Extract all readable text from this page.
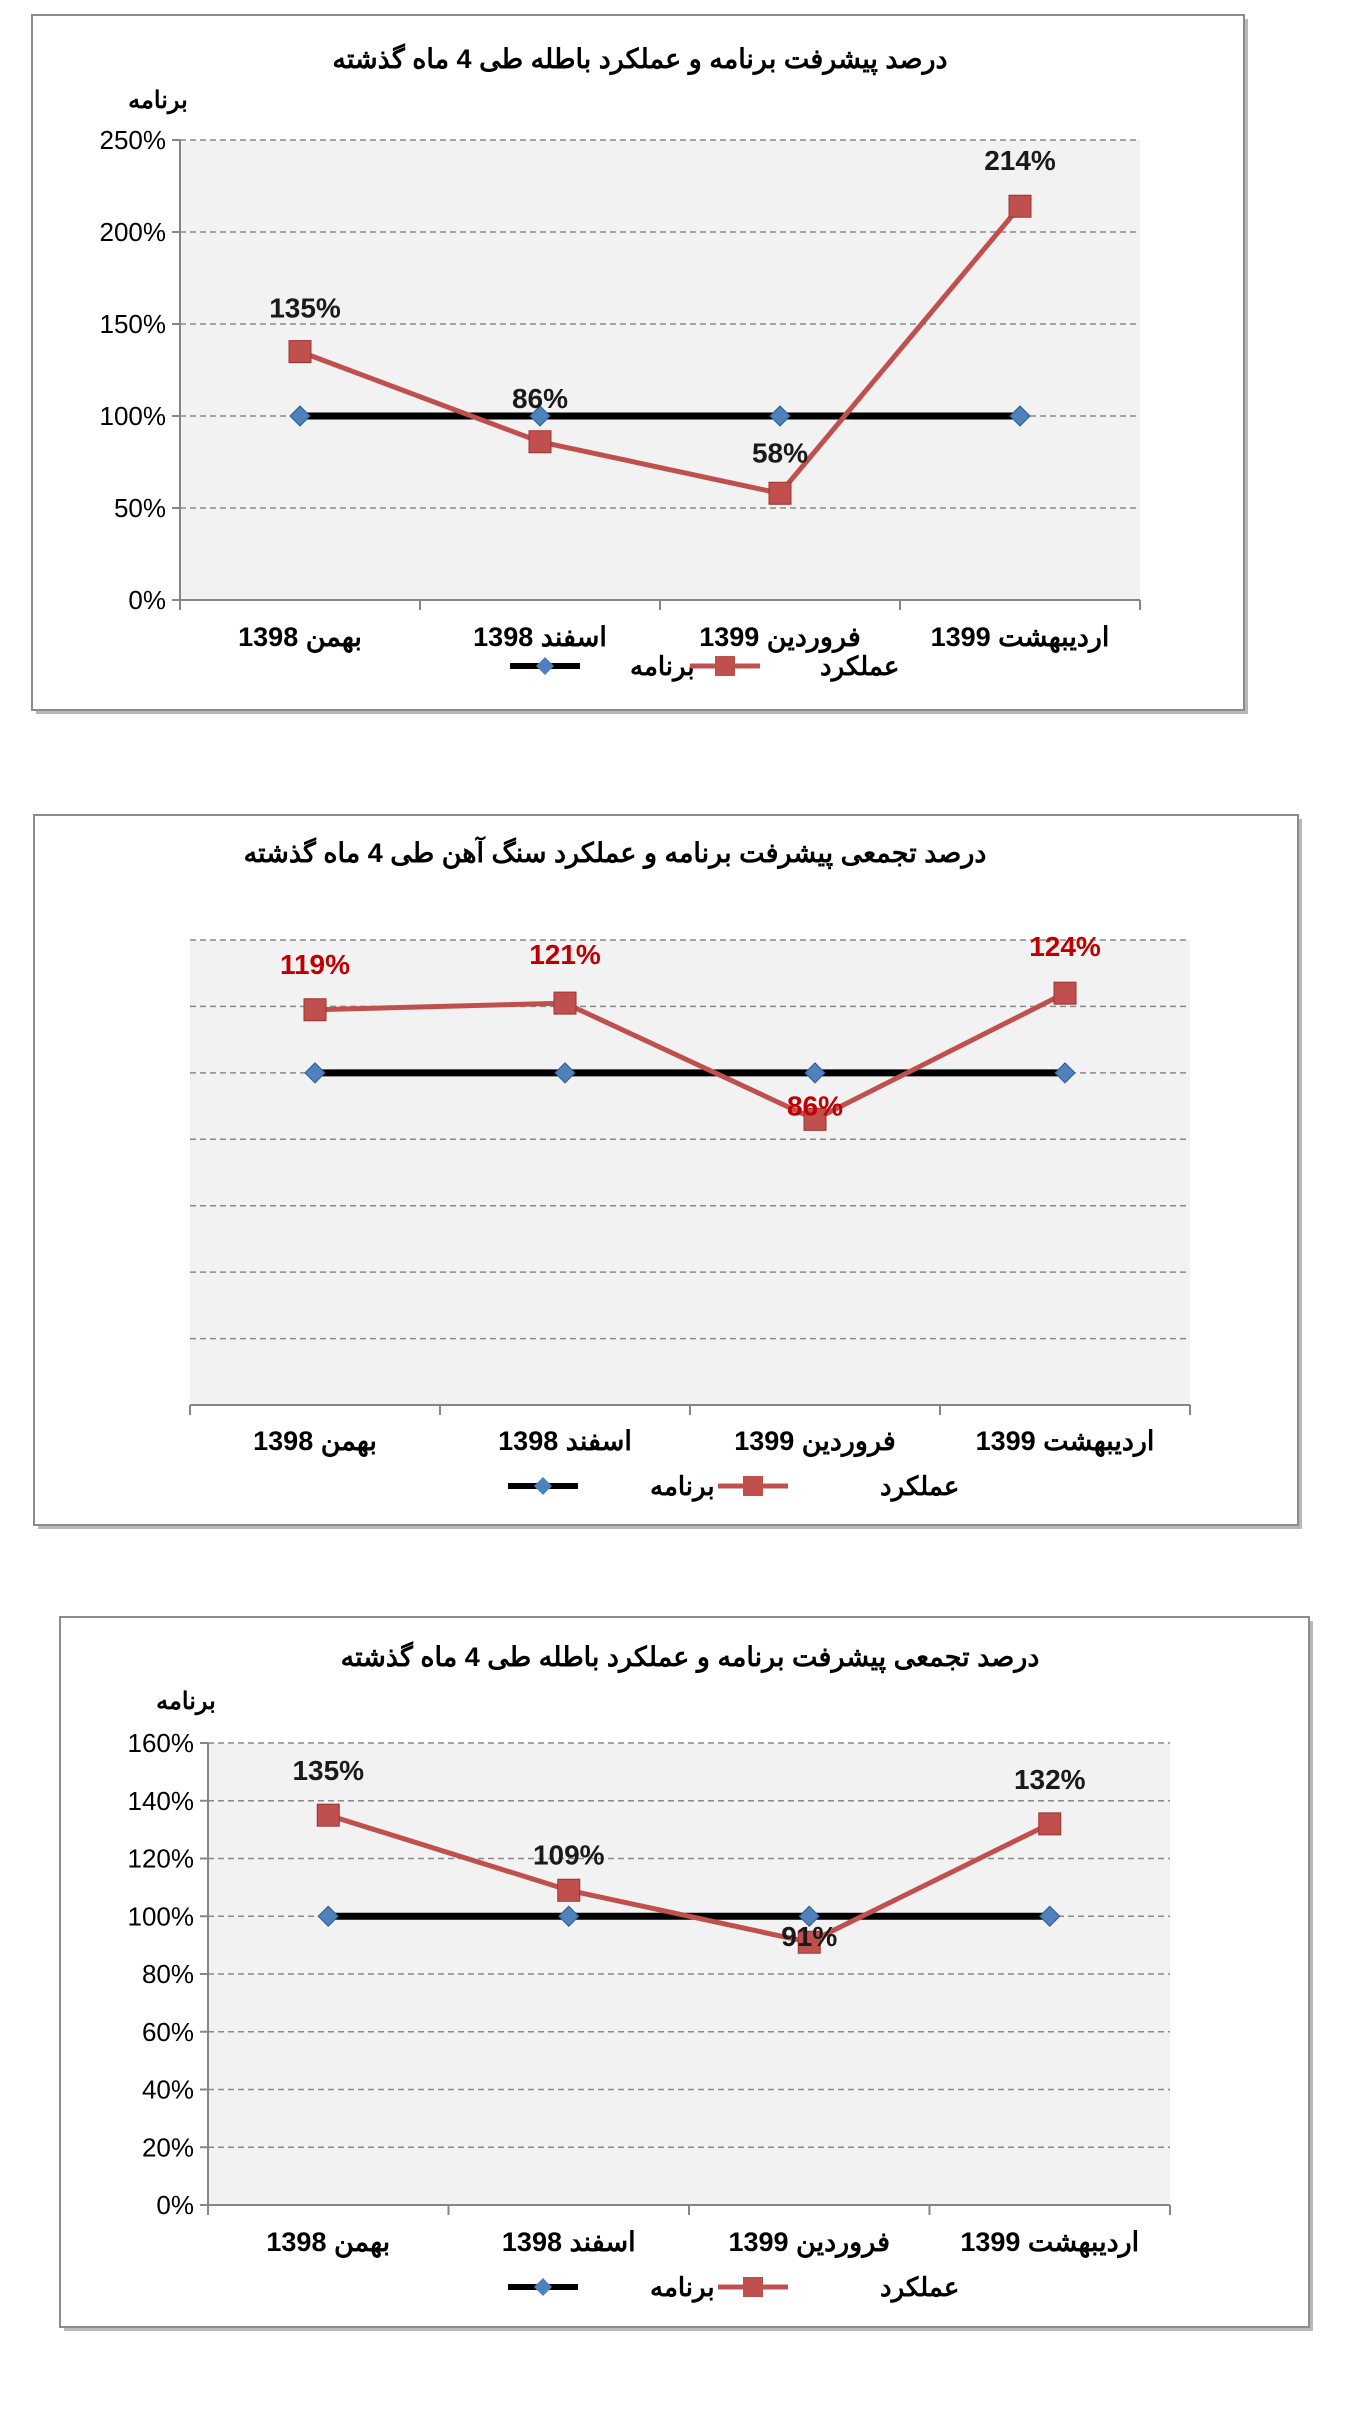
0%
50%
100%
150%
200%
250%
بهمن 1398	اسفند 1398	فروردین 1399	اردیبهشت 1399
درصد پیشرفت برنامه و عملکرد باطله طی 4 ماه گذشته
برنامه
135%
86%
58%
214%
برنامه	عملکرد
بهمن 1398	اسفند 1398	فروردین 1399	اردیبهشت 1399
درصد تجمعی پیشرفت برنامه و عملکرد سنگ آهن طی 4 ماه گذشته
119%	121%
86%
124%
برنامه	عملکرد
0%
20%
40%
60%
80%
100%
120%
140%
160%
بهمن 1398	اسفند 1398	فروردین 1399	اردیبهشت 1399
درصد تجمعی پیشرفت برنامه و عملکرد باطله طی 4 ماه گذشته
برنامه
135%
109%
91%
132%
برنامه	عملکرد
